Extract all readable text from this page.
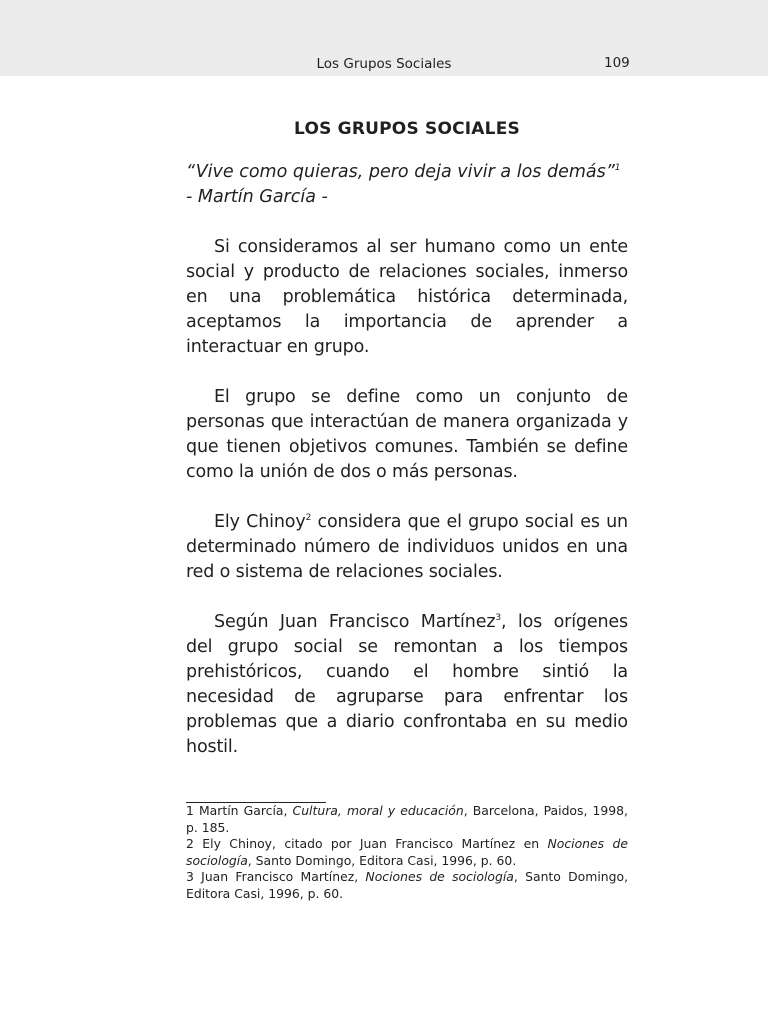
Los Grupos Sociales	109
LOS GRUPOS SOCIALES
“Vive como quieras, pero deja vivir a los demás”$^1$
- Martín García -

Si consideramos al ser humano como un ente social y producto de relaciones sociales, inmerso en una problemática histórica determinada, aceptamos la importancia de aprender a interactuar en grupo.

El grupo se define como un conjunto de personas que interactúan de manera organizada y que tienen objetivos comunes. También se define como la unión de dos o más personas.

Ely Chinoy$^2$ considera que el grupo social es un determinado número de individuos unidos en una red o sistema de relaciones sociales.

Según Juan Francisco Martínez$^3$, los orígenes del grupo social se remontan a los tiempos prehistóricos, cuando el hombre sintió la necesidad de agruparse para enfrentar los problemas que a diario confrontaba en su medio hostil.

1 Martín García, Cultura, moral y educación, Barcelona, Paidos, 1998, p. 185.

2 Ely Chinoy, citado por Juan Francisco Martínez en Nociones de sociología, Santo Domingo, Editora Casi, 1996, p. 60.

3 Juan Francisco Martínez, Nociones de sociología, Santo Domingo, Editora Casi, 1996, p. 60.
